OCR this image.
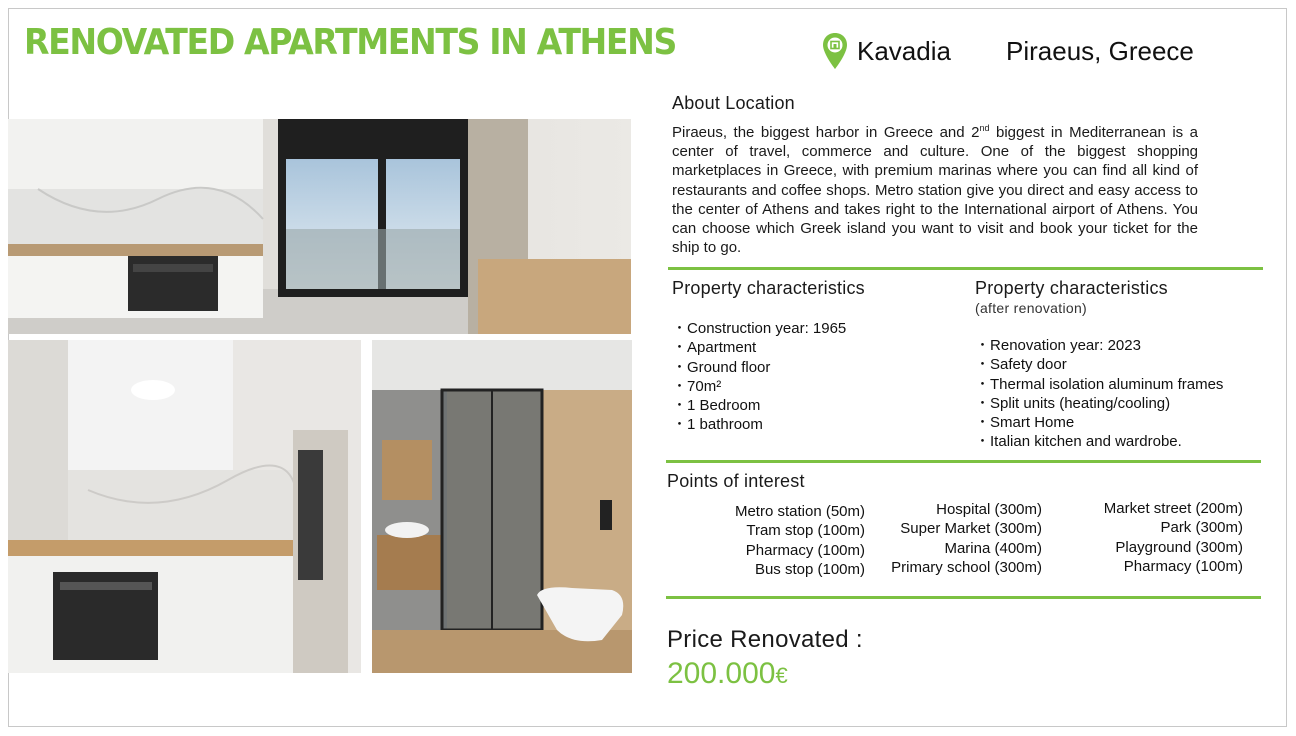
RENOVATED APARTMENTS IN ATHENS	Kavadia Piraeus, Greece
About Location

Piraeus, the biggest harbor in Greece and 2nd biggest in Mediterranean is a center of travel, commerce and culture. One of the biggest shopping marketplaces in Greece, with premium marinas where you can find all kind of restaurants and coffee shops. Metro station give you direct and easy access to the center of Athens and takes right to the International airport of Athens. You can choose which Greek island you want to visit and book your ticket for the ship to go.

Property characteristics	Property characteristics
(after renovation)
・ Construction year: 1965
・ Apartment
・ Ground floor
・ 70m²
・ 1 Bedroom
・ 1 bathroom
・ Renovation year: 2023
・ Safety door
・ Thermal isolation aluminum frames
・ Split units (heating/cooling)
・ Smart Home
・ Italian kitchen and wardrobe.
Points of interest
Metro station (50m)
Tram stop (100m)
Pharmacy (100m)
Bus stop (100m)
Hospital (300m)
Super Market (300m)
Marina (400m)
Primary school (300m)
Market street (200m)
Park (300m)
Playground (300m)
Pharmacy (100m)
Price Renovated :
200.000€
